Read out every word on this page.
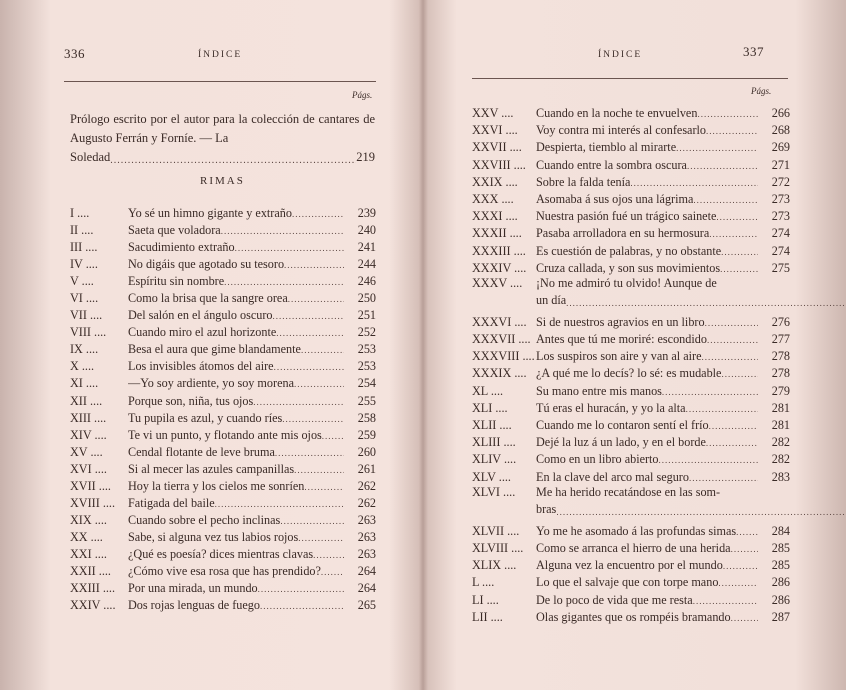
336	ÍNDICE
Págs.
Prólogo escrito por el autor para la colección de cantares de Augusto Ferrán y Forníe. — La
Soledad .....	219
RIMAS
I ....	Yo sé un himno gigante y extraño .....	239
II ....	Saeta que voladora .....	240
III ....	Sacudimiento extraño .....	241
IV ....	No digáis que agotado su tesoro .....	244
V ....	Espíritu sin nombre .....	246
VI ....	Como la brisa que la sangre orea .....	250
VII ....	Del salón en el ángulo oscuro .....	251
VIII ....	Cuando miro el azul horizonte .....	252
IX ....	Besa el aura que gime blandamente .....	253
X ....	Los invisibles átomos del aire .....	253
XI ....	—Yo soy ardiente, yo soy morena .....	254
XII ....	Porque son, niña, tus ojos .....	255
XIII ....	Tu pupila es azul, y cuando ríes .....	258
XIV ....	Te vi un punto, y flotando ante mis ojos .....	259
XV ....	Cendal flotante de leve bruma .....	260
XVI ....	Si al mecer las azules campanillas .....	261
XVII ....	Hoy la tierra y los cielos me sonríen .....	262
XVIII ....	Fatigada del baile .....	262
XIX ....	Cuando sobre el pecho inclinas .....	263
XX ....	Sabe, si alguna vez tus labios rojos .....	263
XXI ....	¿Qué es poesía? dices mientras clavas .....	263
XXII ....	¿Cómo vive esa rosa que has prendido? .....	264
XXIII ....	Por una mirada, un mundo .....	264
XXIV ....	Dos rojas lenguas de fuego .....	265
ÍNDICE	337
Págs.
XXV ....	Cuando en la noche te envuelven .....	266
XXVI ....	Voy contra mi interés al confesarlo .....	268
XXVII ....	Despierta, tiemblo al mirarte .....	269
XXVIII .... Cuando entre la sombra oscura .....	271
XXIX ....	Sobre la falda tenía .....	272
XXX ....	Asomaba á sus ojos una lágrima .....	273
XXXI ....	Nuestra pasión fué un trágico sainete .....	273
XXXII ....	Pasaba arrolladora en su hermosura .....	274
XXXIII .... Es cuestión de palabras, y no obstante .....	274
XXXIV .... Cruza callada, y son sus movimientos .....	275
XXXV ....	¡No me admiró tu olvido! Aunque de
un día
.....
XXXVI .... Si de nuestros agravios en un libro .....	276
XXXVII .... Antes que tú me moriré: escondido .....	277
XXXVIII .... Los suspiros son aire y van al aire .....	278
XXXIX .... ¿A qué me lo decís? lo sé: es mudable .....	278
XL ....	Su mano entre mis manos .....	279
XLI ....	Tú eras el huracán, y yo la alta .....	281
XLII ....	Cuando me lo contaron sentí el frío .....	281
XLIII ....	Dejé la luz á un lado, y en el borde .....	282
XLIV ....	Como en un libro abierto .....	282
XLV ....	En la clave del arco mal seguro .....	283
XLVI ....	Me ha herido recatándose en las som-
bras
.....
XLVII ....	Yo me he asomado á las profundas simas .....	284
XLVIII ....	Como se arranca el hierro de una herida .....	285
XLIX ....	Alguna vez la encuentro por el mundo .....	285
L ....	Lo que el salvaje que con torpe mano .....	286
LI ....	De lo poco de vida que me resta .....	286
LII ....	Olas gigantes que os rompéis bramando .....	287
